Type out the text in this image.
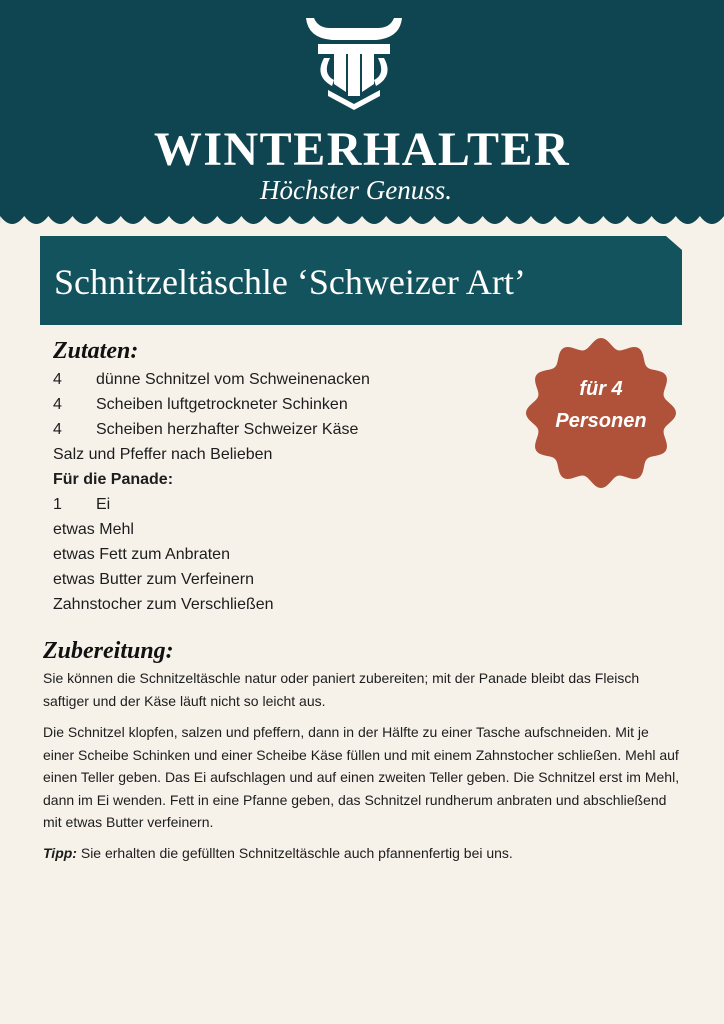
WINTERHALTER
Höchster Genuss.
Schnitzeltäschle ‘Schweizer Art’
Zutaten:
4	dünne Schnitzel vom Schweinenacken
4	Scheiben luftgetrockneter Schinken
4	Scheiben herzhafter Schweizer Käse
Salz und Pfeffer nach Belieben
Für die Panade:
1	Ei
etwas Mehl
etwas Fett zum Anbraten
etwas Butter zum Verfeinern
Zahnstocher zum Verschließen
für 4
Personen
Zubereitung:
Sie können die Schnitzeltäschle natur oder paniert zubereiten; mit der Panade bleibt das Fleisch saftiger und der Käse läuft nicht so leicht aus.
Die Schnitzel klopfen, salzen und pfeffern, dann in der Hälfte zu einer Tasche aufschneiden. Mit je einer Scheibe Schinken und einer Scheibe Käse füllen und mit einem Zahnstocher schließen. Mehl auf einen Teller geben. Das Ei aufschlagen und auf einen zweiten Teller geben. Die Schnitzel erst im Mehl, dann im Ei wenden. Fett in eine Pfanne geben, das Schnitzel rundherum anbraten und abschließend mit etwas Butter verfeinern.
Tipp: Sie erhalten die gefüllten Schnitzeltäschle auch pfannenfertig bei uns.
